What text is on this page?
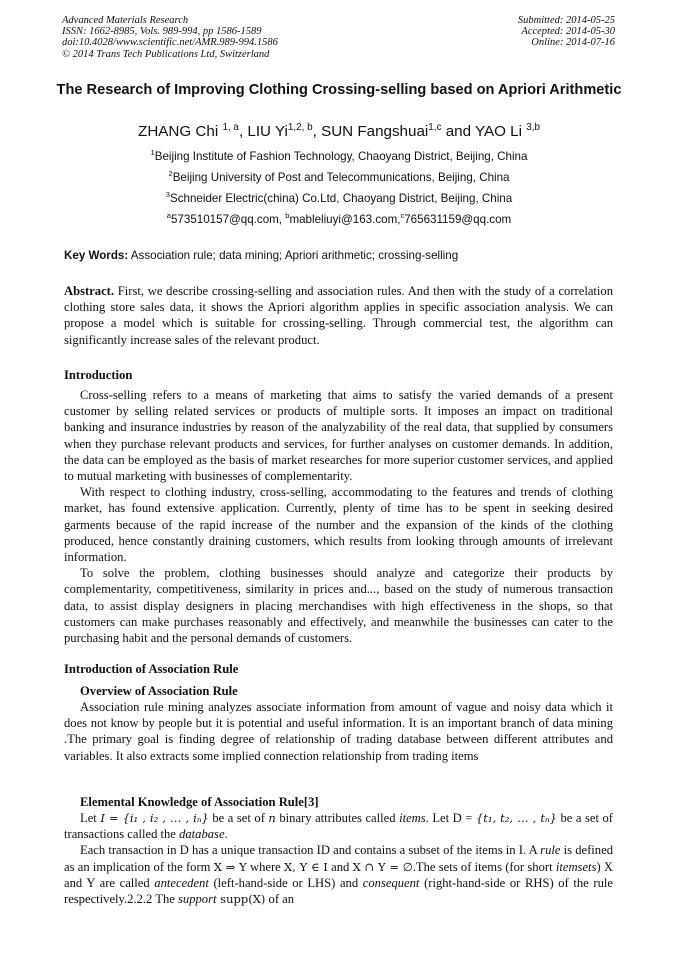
Advanced Materials Research
ISSN: 1662-8985, Vols. 989-994, pp 1586-1589
doi:10.4028/www.scientific.net/AMR.989-994.1586
© 2014 Trans Tech Publications Ltd, Switzerland
Submitted: 2014-05-25
Accepted: 2014-05-30
Online: 2014-07-16
The Research of Improving Clothing Crossing-selling based on Apriori Arithmetic
ZHANG Chi $^{1, a}$, LIU Yi$^{1,2, b}$, SUN Fangshuai$^{1,c}$ and YAO Li $^{3,b}$
$^1$Beijing Institute of Fashion Technology, Chaoyang District, Beijing, China
$^2$Beijing University of Post and Telecommunications, Beijing, China
$^3$Schneider Electric(china) Co.Ltd, Chaoyang District, Beijing, China
$^a$573510157@qq.com, $^b$mableliuyi@163.com,$^c$765631159@qq.com
Key Words: Association rule; data mining; Apriori arithmetic; crossing-selling

Abstract. First, we describe crossing-selling and association rules. And then with the study of a correlation clothing store sales data, it shows the Apriori algorithm applies in specific association analysis. We can propose a model which is suitable for crossing-selling. Through commercial test, the algorithm can significantly increase sales of the relevant product.

Introduction

Cross-selling refers to a means of marketing that aims to satisfy the varied demands of a present customer by selling related services or products of multiple sorts. It imposes an impact on traditional banking and insurance industries by reason of the analyzability of the real data, that supplied by consumers when they purchase relevant products and services, for further analyses on customer demands. In addition, the data can be employed as the basis of market researches for more superior customer services, and applied to mutual marketing with businesses of complementarity.

With respect to clothing industry, cross-selling, accommodating to the features and trends of clothing market, has found extensive application. Currently, plenty of time has to be spent in seeking desired garments because of the rapid increase of the number and the expansion of the kinds of the clothing produced, hence constantly draining customers, which results from looking through amounts of irrelevant information.

To solve the problem, clothing businesses should analyze and categorize their products by complementarity, competitiveness, similarity in prices and..., based on the study of numerous transaction data, to assist display designers in placing merchandises with high effectiveness in the shops, so that customers can make purchases reasonably and effectively, and meanwhile the businesses can cater to the purchasing habit and the personal demands of customers.

Introduction of Association Rule
Overview of Association Rule

Association rule mining analyzes associate information from amount of vague and noisy data which it does not know by people but it is potential and useful information. It is an important branch of data mining .The primary goal is finding degree of relationship of trading database between different attributes and variables. It also extracts some implied connection relationship from trading items

Elemental Knowledge of Association Rule[3]

Let I = {i₁ , i₂ , … , iₙ} be a set of n binary attributes called items. Let D = {t₁, t₂, … , tₙ} be a set of transactions called the database.

Each transaction in D has a unique transaction ID and contains a subset of the items in I. A rule is defined as an implication of the form X ⇒ Y where X, Y ∈ I and X ∩ Y = ∅.The sets of items (for short itemsets) X and Y are called antecedent (left-hand-side or LHS) and consequent (right-hand-side or RHS) of the rule respectively.2.2.2 The support supp(X) of an
